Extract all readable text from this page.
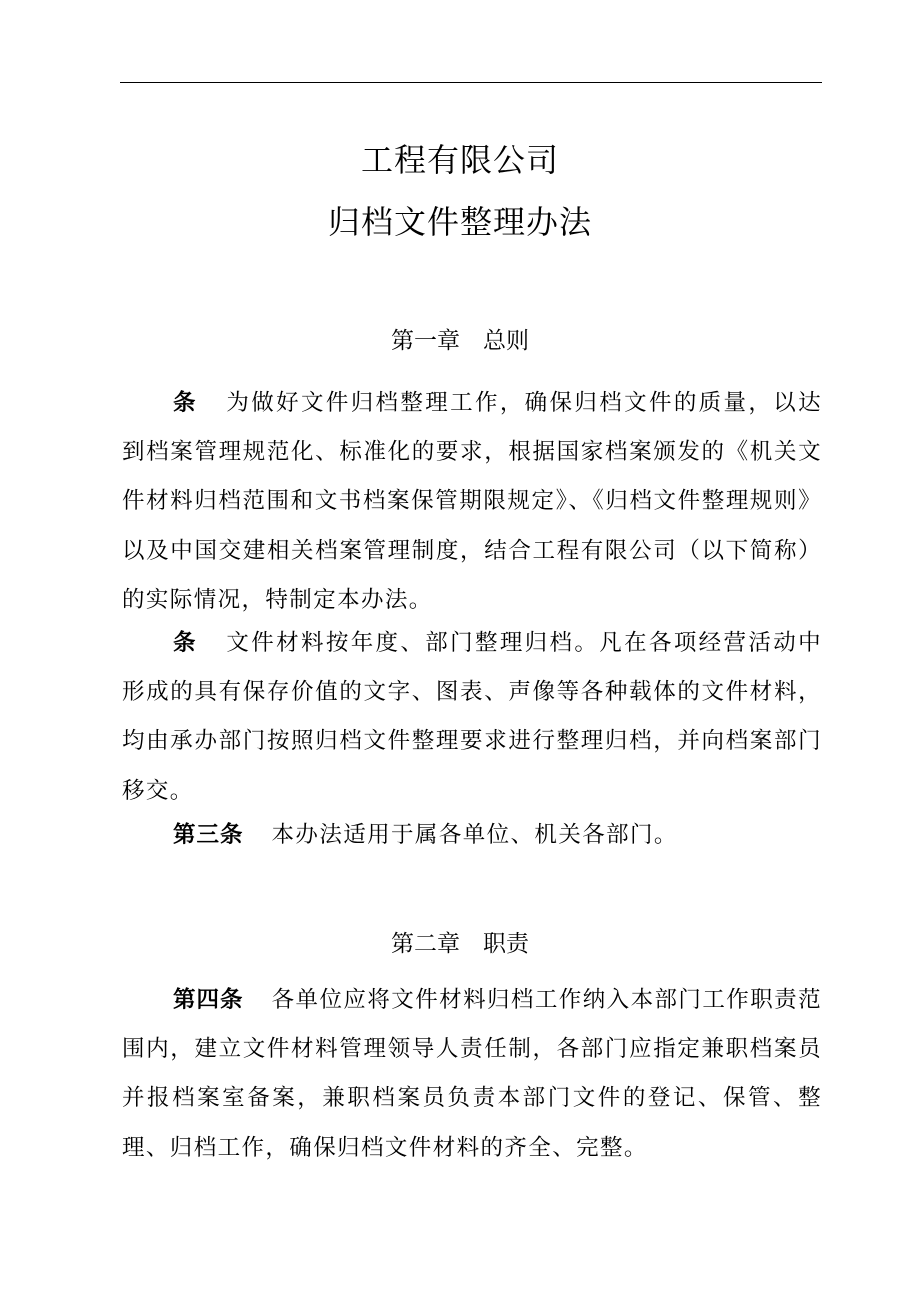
工程有限公司
归档文件整理办法
第一章　总则

条 为做好文件归档整理工作，确保归档文件的质量，以达到档案管理规范化、标准化的要求，根据国家档案颁发的《机关文件材料归档范围和文书档案保管期限规定》、《归档文件整理规则》以及中国交建相关档案管理制度，结合工程有限公司（以下简称）的实际情况，特制定本办法。

条 文件材料按年度、部门整理归档。凡在各项经营活动中形成的具有保存价值的文字、图表、声像等各种载体的文件材料，均由承办部门按照归档文件整理要求进行整理归档，并向档案部门移交。

第三条 本办法适用于属各单位、机关各部门。

第二章　职责

第四条 各单位应将文件材料归档工作纳入本部门工作职责范围内，建立文件材料管理领导人责任制，各部门应指定兼职档案员并报档案室备案，兼职档案员负责本部门文件的登记、保管、整理、归档工作，确保归档文件材料的齐全、完整。
